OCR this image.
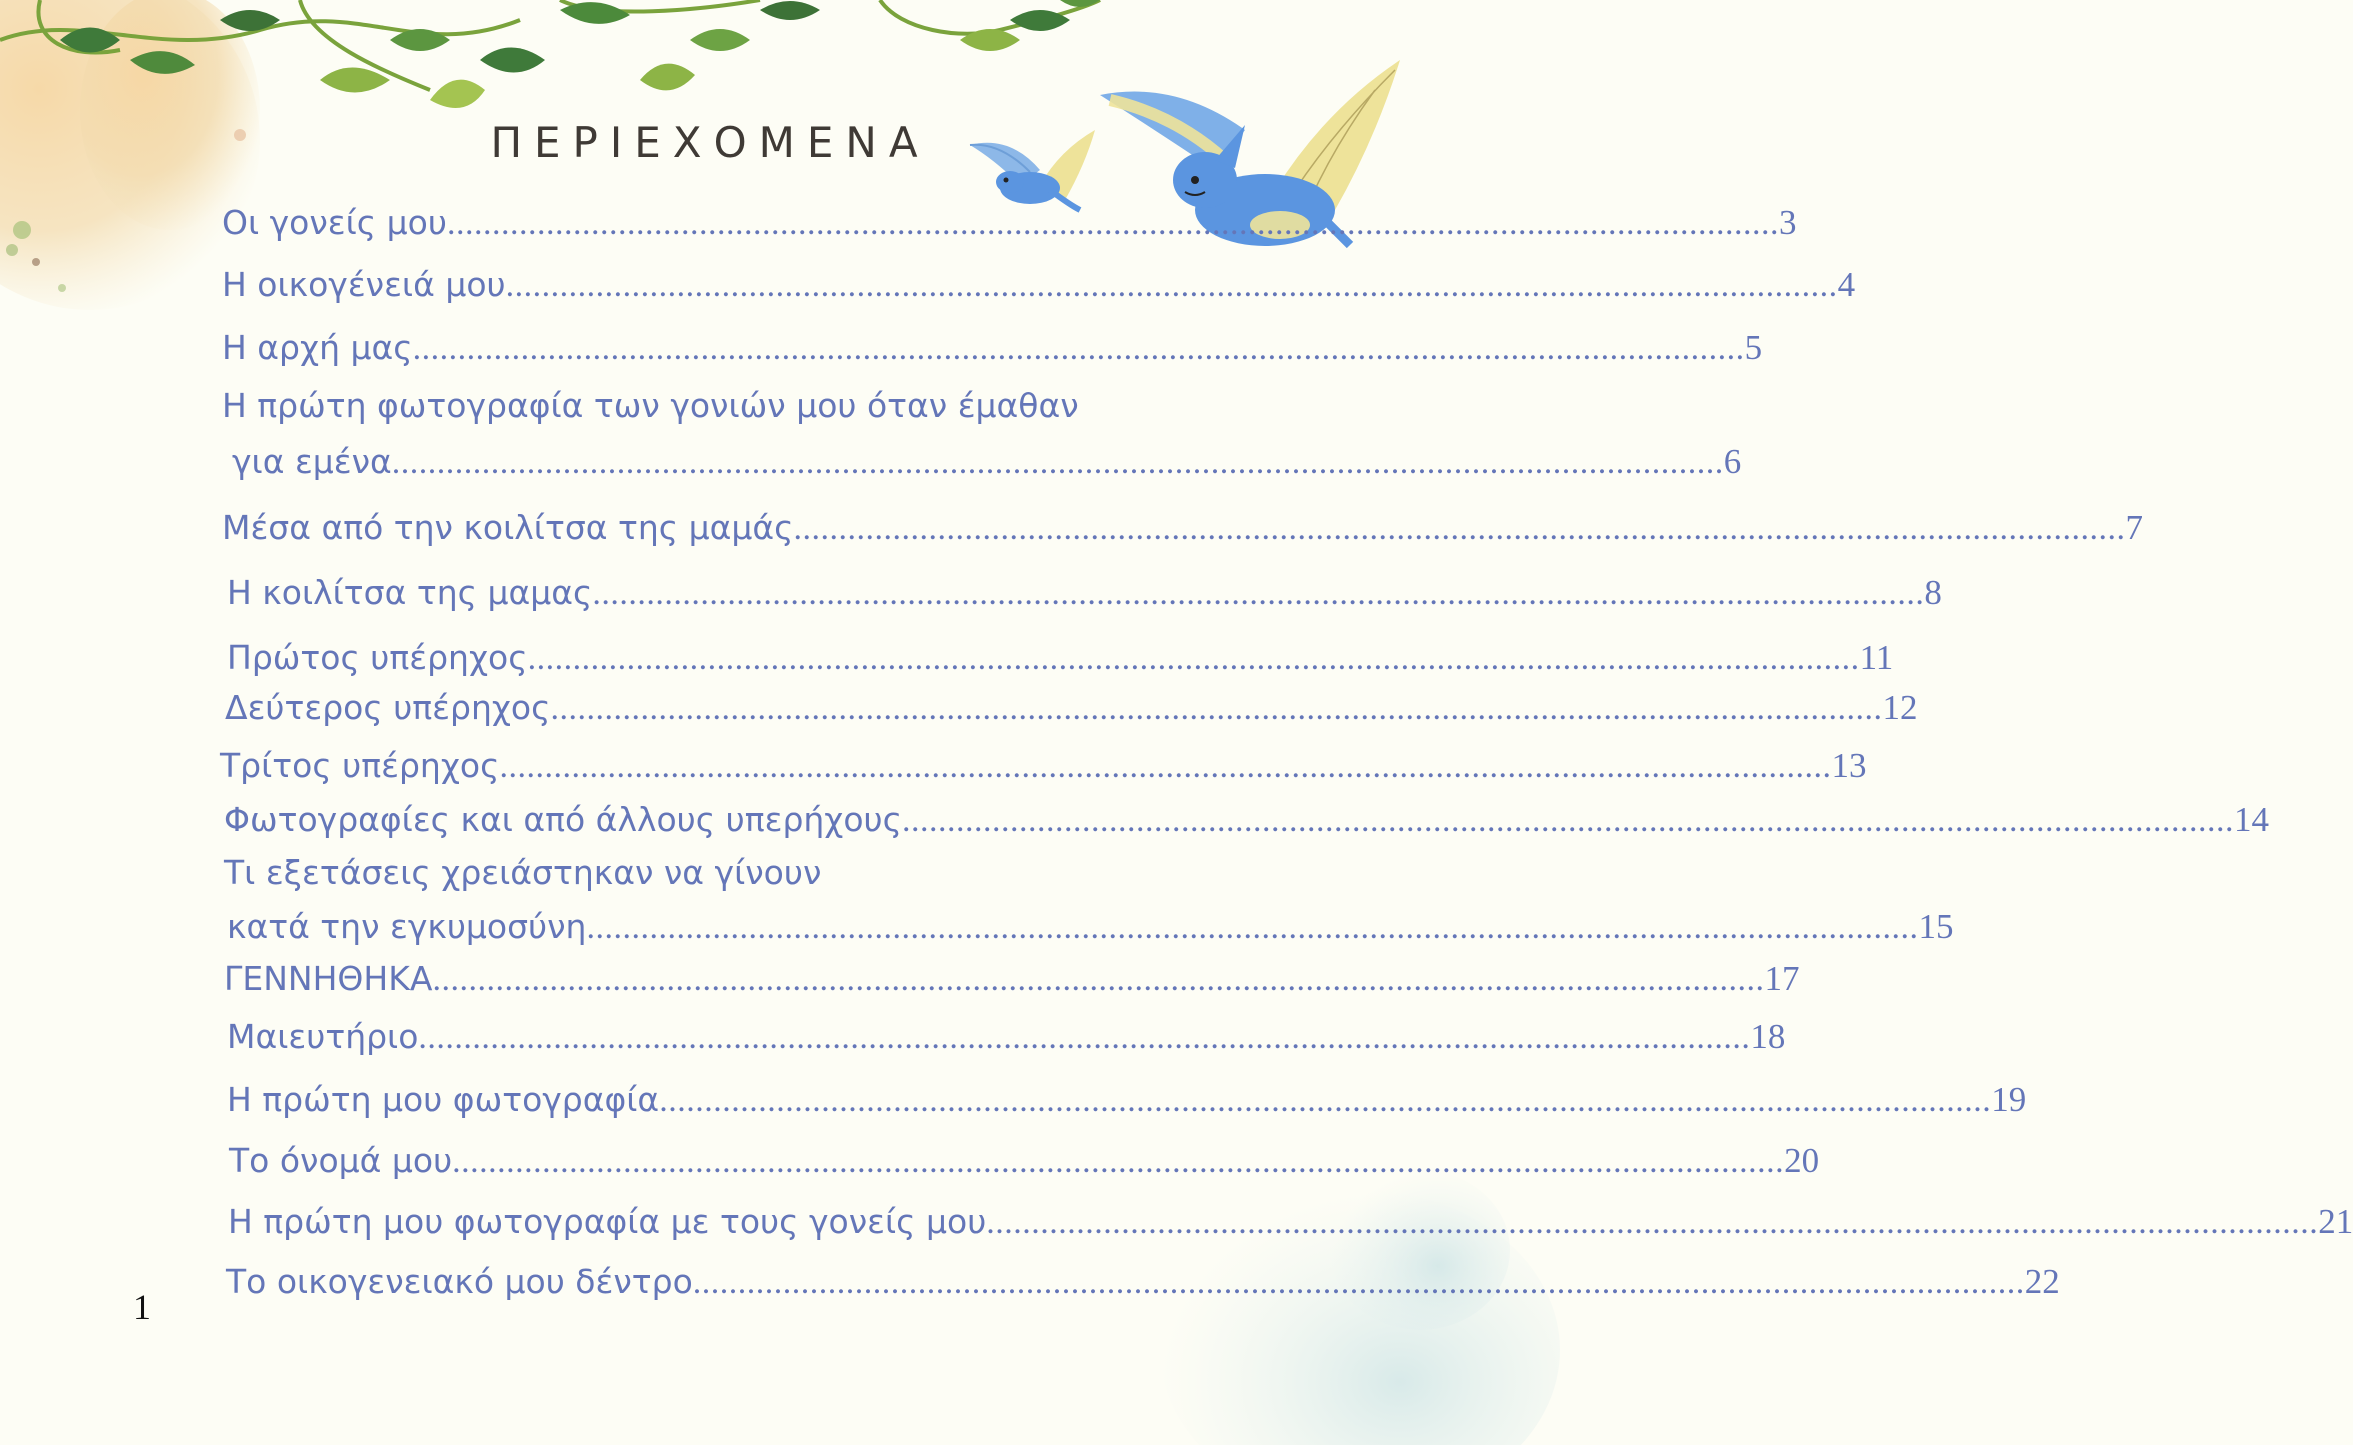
ΠΕΡΙΕΧΟΜΕΝΑ
Οι γονείς μου .................................................................................................................................................... 3
Η οικογένειά μου .................................................................................................................................................... 4
Η αρχή μας .................................................................................................................................................... 5
Η πρώτη φωτογραφία των γονιών μου όταν έμαθαν
για εμένα .................................................................................................................................................... 6
Μέσα από την κοιλίτσα της μαμάς .................................................................................................................................................... 7
Η κοιλίτσα της μαμας .................................................................................................................................................... 8
Πρώτος υπέρηχος .................................................................................................................................................... 11
Δεύτερος υπέρηχος .................................................................................................................................................... 12
Τρίτος υπέρηχος .................................................................................................................................................... 13
Φωτογραφίες και από άλλους υπερήχους .................................................................................................................................................... 14
Τι εξετάσεις χρειάστηκαν να γίνουν
κατά την εγκυμοσύνη .................................................................................................................................................... 15
ΓΕΝΝΗΘΗΚΑ .................................................................................................................................................... 17
Μαιευτήριο .................................................................................................................................................... 18
Η πρώτη μου φωτογραφία .................................................................................................................................................... 19
Το όνομά μου .................................................................................................................................................... 20
Η πρώτη μου φωτογραφία με τους γονείς μου .................................................................................................................................................... 21
Το οικογενειακό μου δέντρο .................................................................................................................................................... 22
1
